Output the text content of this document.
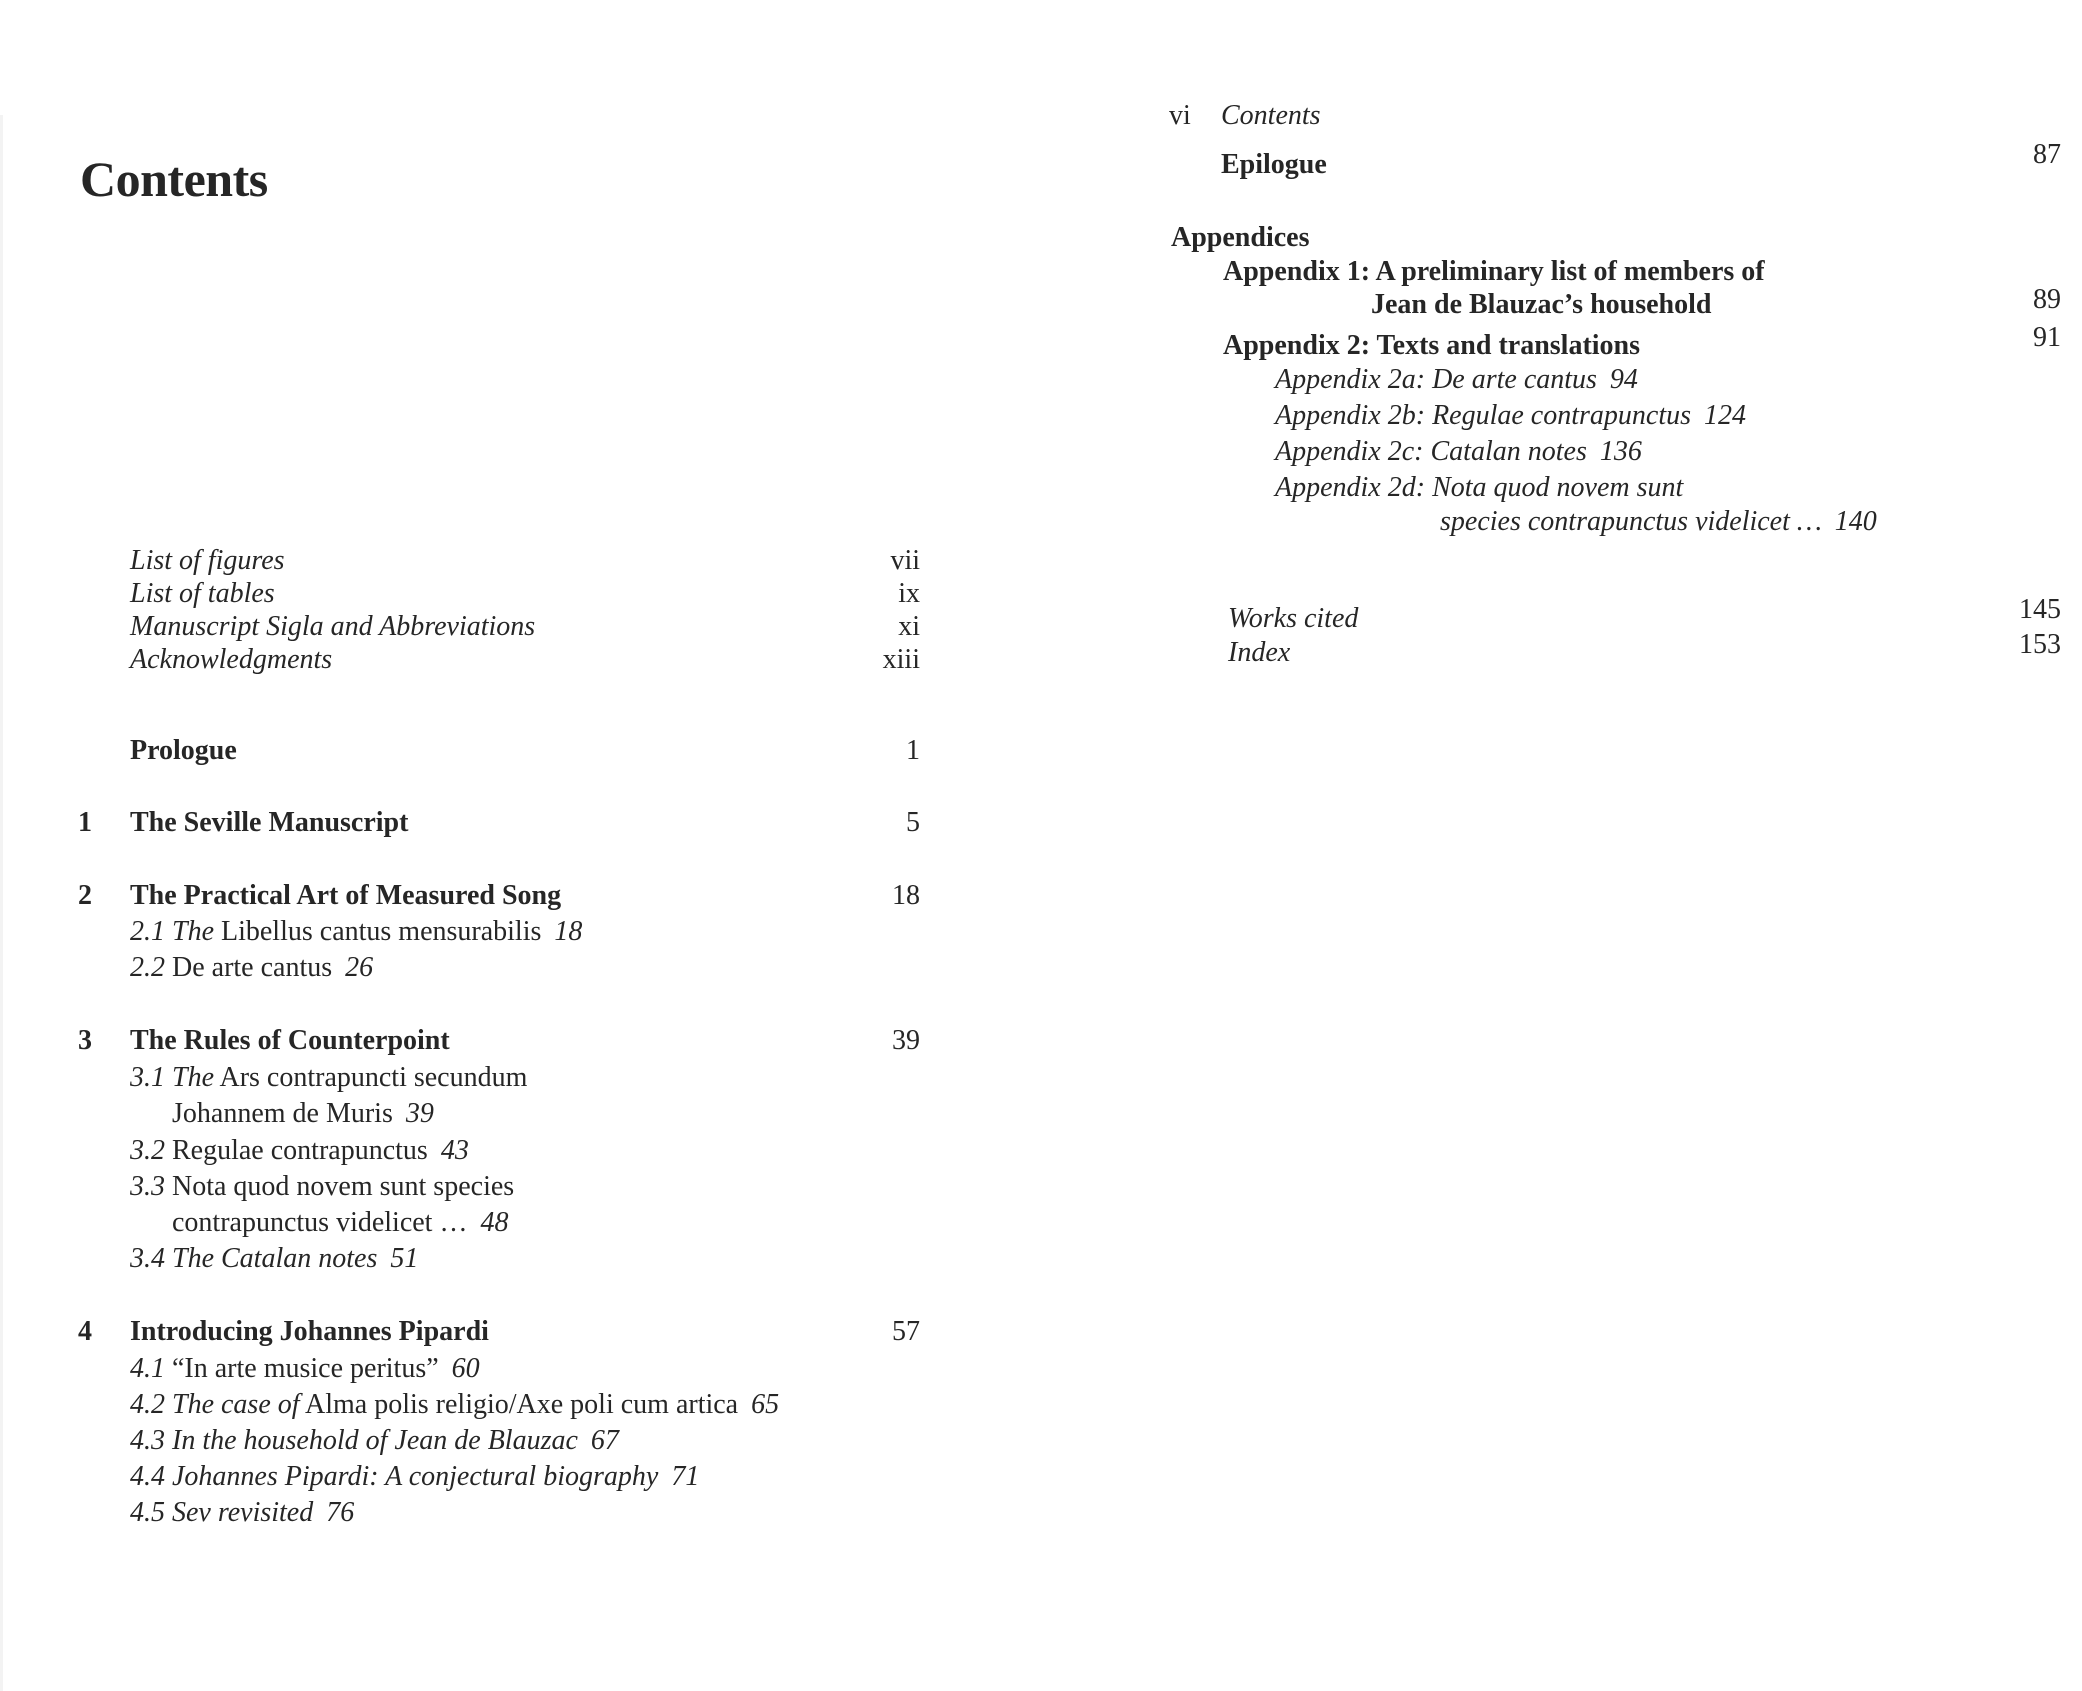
Contents
List of figures	vii
List of tables	ix
Manuscript Sigla and Abbreviations	xi
Acknowledgments	xiii
Prologue	1
1 The Seville Manuscript	5
2 The Practical Art of Measured Song	18
2.1 The Libellus cantus mensurabilis 18
2.2 De arte cantus 26
3 The Rules of Counterpoint	39
3.1 The Ars contrapuncti secundum
Johannem de Muris 39
3.2 Regulae contrapunctus 43
3.3 Nota quod novem sunt species
contrapunctus videlicet … 48
3.4 The Catalan notes 51
4 Introducing Johannes Pipardi	57
4.1 “In arte musice peritus” 60
4.2 The case of Alma polis religio/Axe poli cum artica 65
4.3 In the household of Jean de Blauzac 67
4.4 Johannes Pipardi: A conjectural biography 71
4.5 Sev revisited 76
vi Contents
Epilogue	87
Appendices
Appendix 1: A preliminary list of members of
Jean de Blauzac’s household	89
Appendix 2: Texts and translations	91
Appendix 2a: De arte cantus 94
Appendix 2b: Regulae contrapunctus 124
Appendix 2c: Catalan notes 136
Appendix 2d: Nota quod novem sunt
species contrapunctus videlicet … 140
Works cited	145
Index	153
